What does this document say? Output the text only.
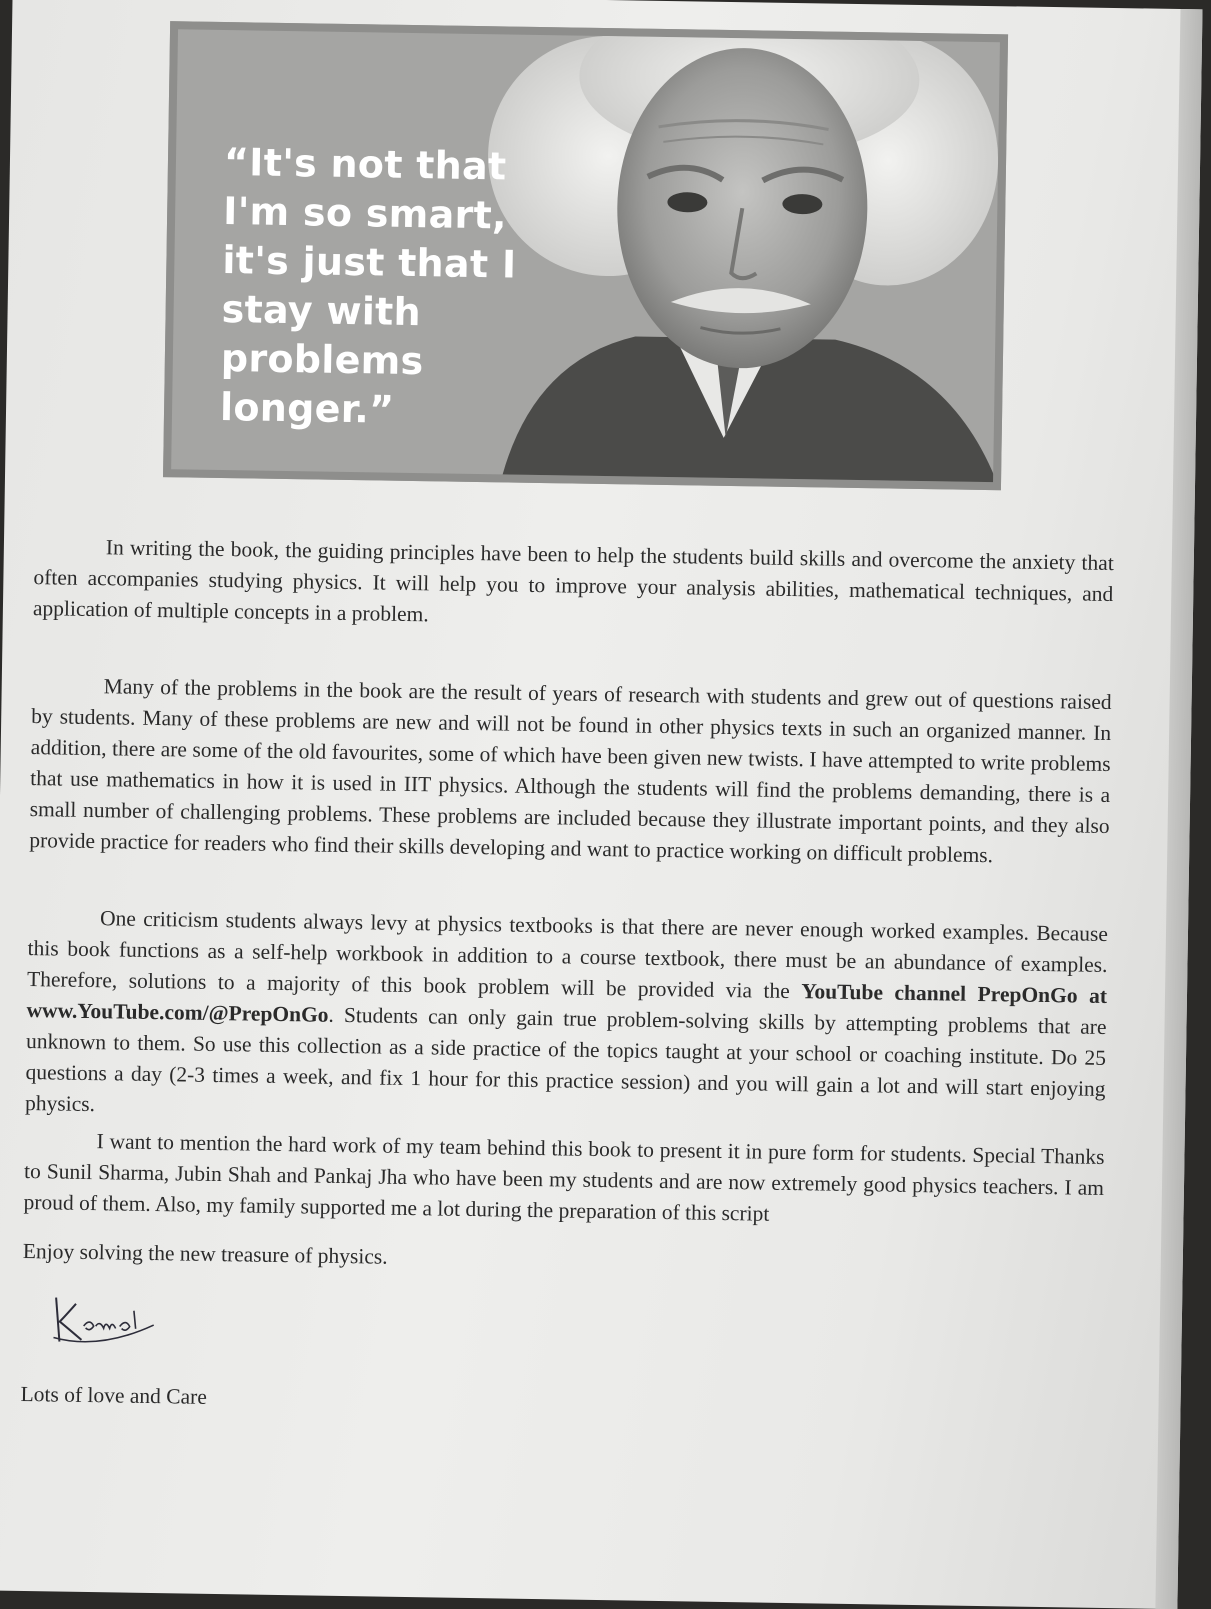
“It's not that I'm so smart, it's just that I stay with problems longer.”

In writing the book, the guiding principles have been to help the students build skills and overcome the anxiety that often accompanies studying physics. It will help you to improve your analysis abilities, mathematical techniques, and application of multiple concepts in a problem.

Many of the problems in the book are the result of years of research with students and grew out of questions raised by students. Many of these problems are new and will not be found in other physics texts in such an organized manner. In addition, there are some of the old favourites, some of which have been given new twists. I have attempted to write problems that use mathematics in how it is used in IIT physics. Although the students will find the problems demanding, there is a small number of challenging problems. These problems are included because they illustrate important points, and they also provide practice for readers who find their skills developing and want to practice working on difficult problems.

One criticism students always levy at physics textbooks is that there are never enough worked examples. Because this book functions as a self-help workbook in addition to a course textbook, there must be an abundance of examples. Therefore, solutions to a majority of this book problem will be provided via the YouTube channel PrepOnGo at www.YouTube.com/@PrepOnGo. Students can only gain true problem-solving skills by attempting problems that are unknown to them. So use this collection as a side practice of the topics taught at your school or coaching institute. Do 25 questions a day (2-3 times a week, and fix 1 hour for this practice session) and you will gain a lot and will start enjoying physics.

I want to mention the hard work of my team behind this book to present it in pure form for students. Special Thanks to Sunil Sharma, Jubin Shah and Pankaj Jha who have been my students and are now extremely good physics teachers. I am proud of them. Also, my family supported me a lot during the preparation of this script

Enjoy solving the new treasure of physics.

Lots of love and Care
